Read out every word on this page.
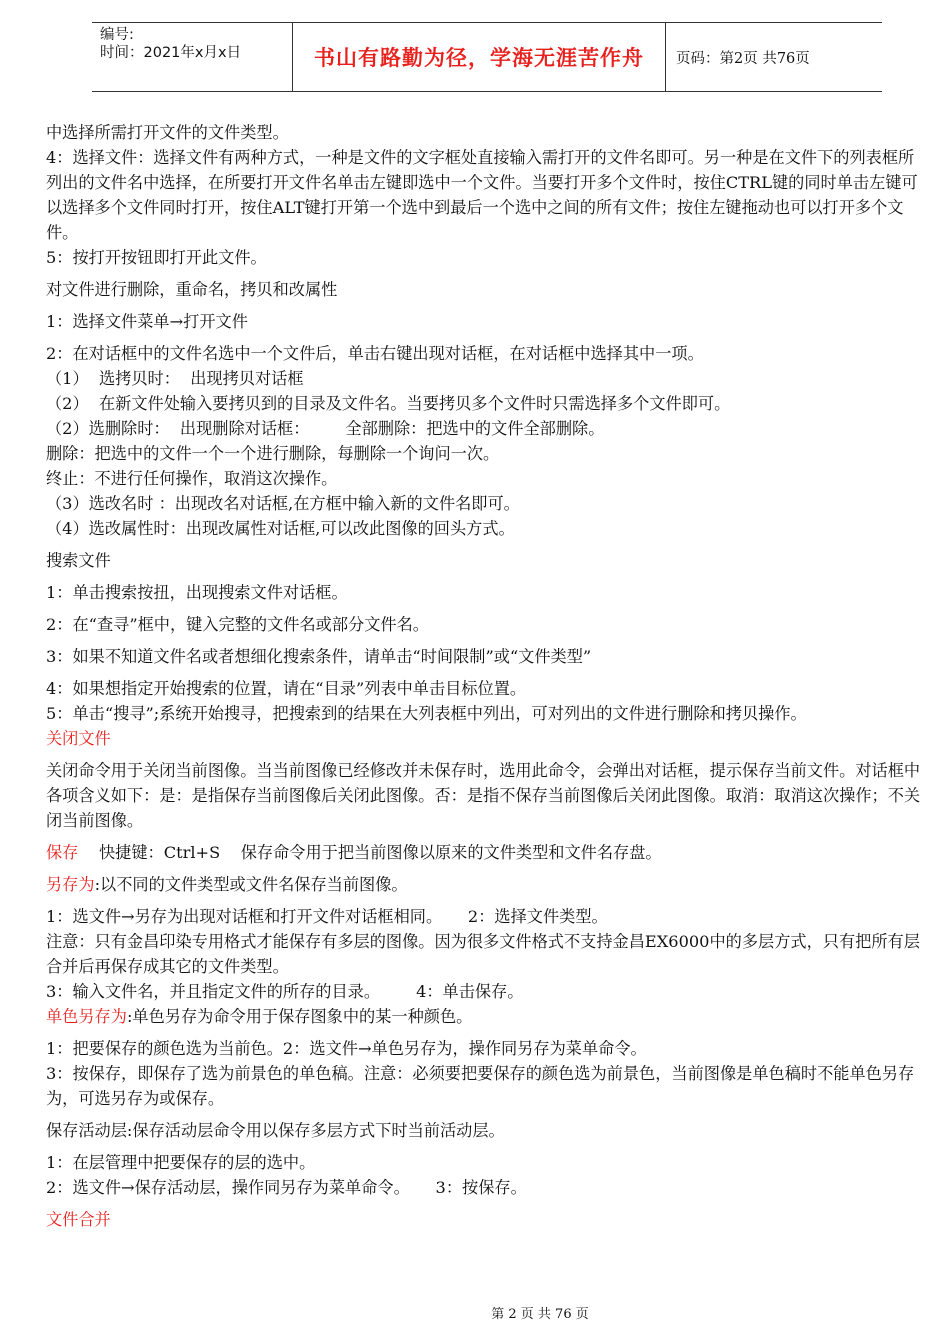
编号:
时间：2021年x月x日	书山有路勤为径，学海无涯苦作舟	页码：第2页 共76页

中选择所需打开文件的文件类型。

4：选择文件：选择文件有两种方式，一种是文件的文字框处直接输入需打开的文件名即可。另一种是在文件下的列表框所列出的文件名中选择，在所要打开文件名单击左键即选中一个文件。当要打开多个文件时，按住CTRL键的同时单击左键可以选择多个文件同时打开，按住ALT键打开第一个选中到最后一个选中之间的所有文件；按住左键拖动也可以打开多个文件。

5：按打开按钮即打开此文件。

对文件进行删除，重命名，拷贝和改属性

1：选择文件菜单→打开文件

2：在对话框中的文件名选中一个文件后，单击右键出现对话框，在对话框中选择其中一项。

（1）  选拷贝时：  出现拷贝对话框

（2）  在新文件处输入要拷贝到的目录及文件名。当要拷贝多个文件时只需选择多个文件即可。

（2）选删除时：  出现删除对话框：       全部删除：把选中的文件全部删除。

删除：把选中的文件一个一个进行删除，每删除一个询问一次。

终止：不进行任何操作，取消这次操作。

（3）选改名时 ：出现改名对话框,在方框中输入新的文件名即可。

（4）选改属性时：出现改属性对话框,可以改此图像的回头方式。

搜索文件

1：单击搜索按扭，出现搜索文件对话框。

2：在“查寻”框中，键入完整的文件名或部分文件名。

3：如果不知道文件名或者想细化搜索条件，请单击“时间限制”或“文件类型”

4：如果想指定开始搜索的位置，请在“目录”列表中单击目标位置。

5：单击“搜寻”;系统开始搜寻，把搜索到的结果在大列表框中列出，可对列出的文件进行删除和拷贝操作。

关闭文件

关闭命令用于关闭当前图像。当当前图像已经修改并未保存时，选用此命令，会弹出对话框，提示保存当前文件。对话框中各项含义如下：是：是指保存当前图像后关闭此图像。否：是指不保存当前图像后关闭此图像。取消：取消这次操作；不关闭当前图像。

保存    快捷键：Ctrl+S    保存命令用于把当前图像以原来的文件类型和文件名存盘。

另存为:以不同的文件类型或文件名保存当前图像。

1：选文件→另存为出现对话框和打开文件对话框相同。     2：选择文件类型。

注意：只有金昌印染专用格式才能保存有多层的图像。因为很多文件格式不支持金昌EX6000中的多层方式，只有把所有层合并后再保存成其它的文件类型。

3：输入文件名，并且指定文件的所存的目录。       4：单击保存。

单色另存为:单色另存为命令用于保存图象中的某一种颜色。

1：把要保存的颜色选为当前色。2：选文件→单色另存为，操作同另存为菜单命令。

3：按保存，即保存了选为前景色的单色稿。注意：必须要把要保存的颜色选为前景色，当前图像是单色稿时不能单色另存为，可选另存为或保存。

保存活动层:保存活动层命令用以保存多层方式下时当前活动层。

1：在层管理中把要保存的层的选中。

2：选文件→保存活动层，操作同另存为菜单命令。     3：按保存。

文件合并

第 2 页 共 76 页
